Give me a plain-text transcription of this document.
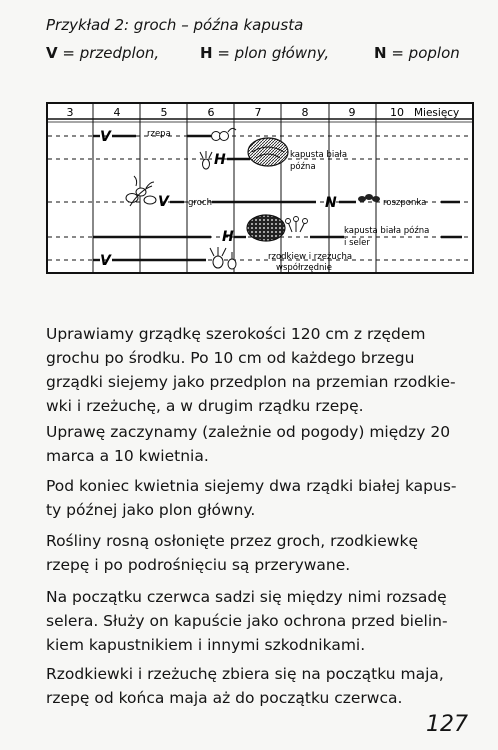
Przykład 2: groch – późna kapusta
V = przedplon,	H = plon główny,	N = poplon
3	4	5	6	7	8	9	10 Miesięcy
V	rzepa
H	kapusta biała
późna
V groch	N	roszponka
H	kapusta biała późna
i seler
V	rzodkiew i rzeżucha
współrzędnie

Uprawiamy grządkę szerokości 120 cm z rzędem
grochu po środku. Po 10 cm od każdego brzegu
grządki siejemy jako przedplon na przemian rzodkie-
wki i rzeżuchę, a w drugim rządku rzepę.

Uprawę zaczynamy (zależnie od pogody) między 20
marca a 10 kwietnia.

Pod koniec kwietnia siejemy dwa rządki białej kapus-
ty późnej jako plon główny.

Rośliny rosną osłonięte przez groch, rzodkiewkę
rzepę i po podrośnięciu są przerywane.

Na początku czerwca sadzi się między nimi rozsadę
selera. Służy on kapuście jako ochrona przed bielin-
kiem kapustnikiem i innymi szkodnikami.

Rzodkiewki i rzeżuchę zbiera się na początku maja,
rzepę od końca maja aż do początku czerwca.

127
